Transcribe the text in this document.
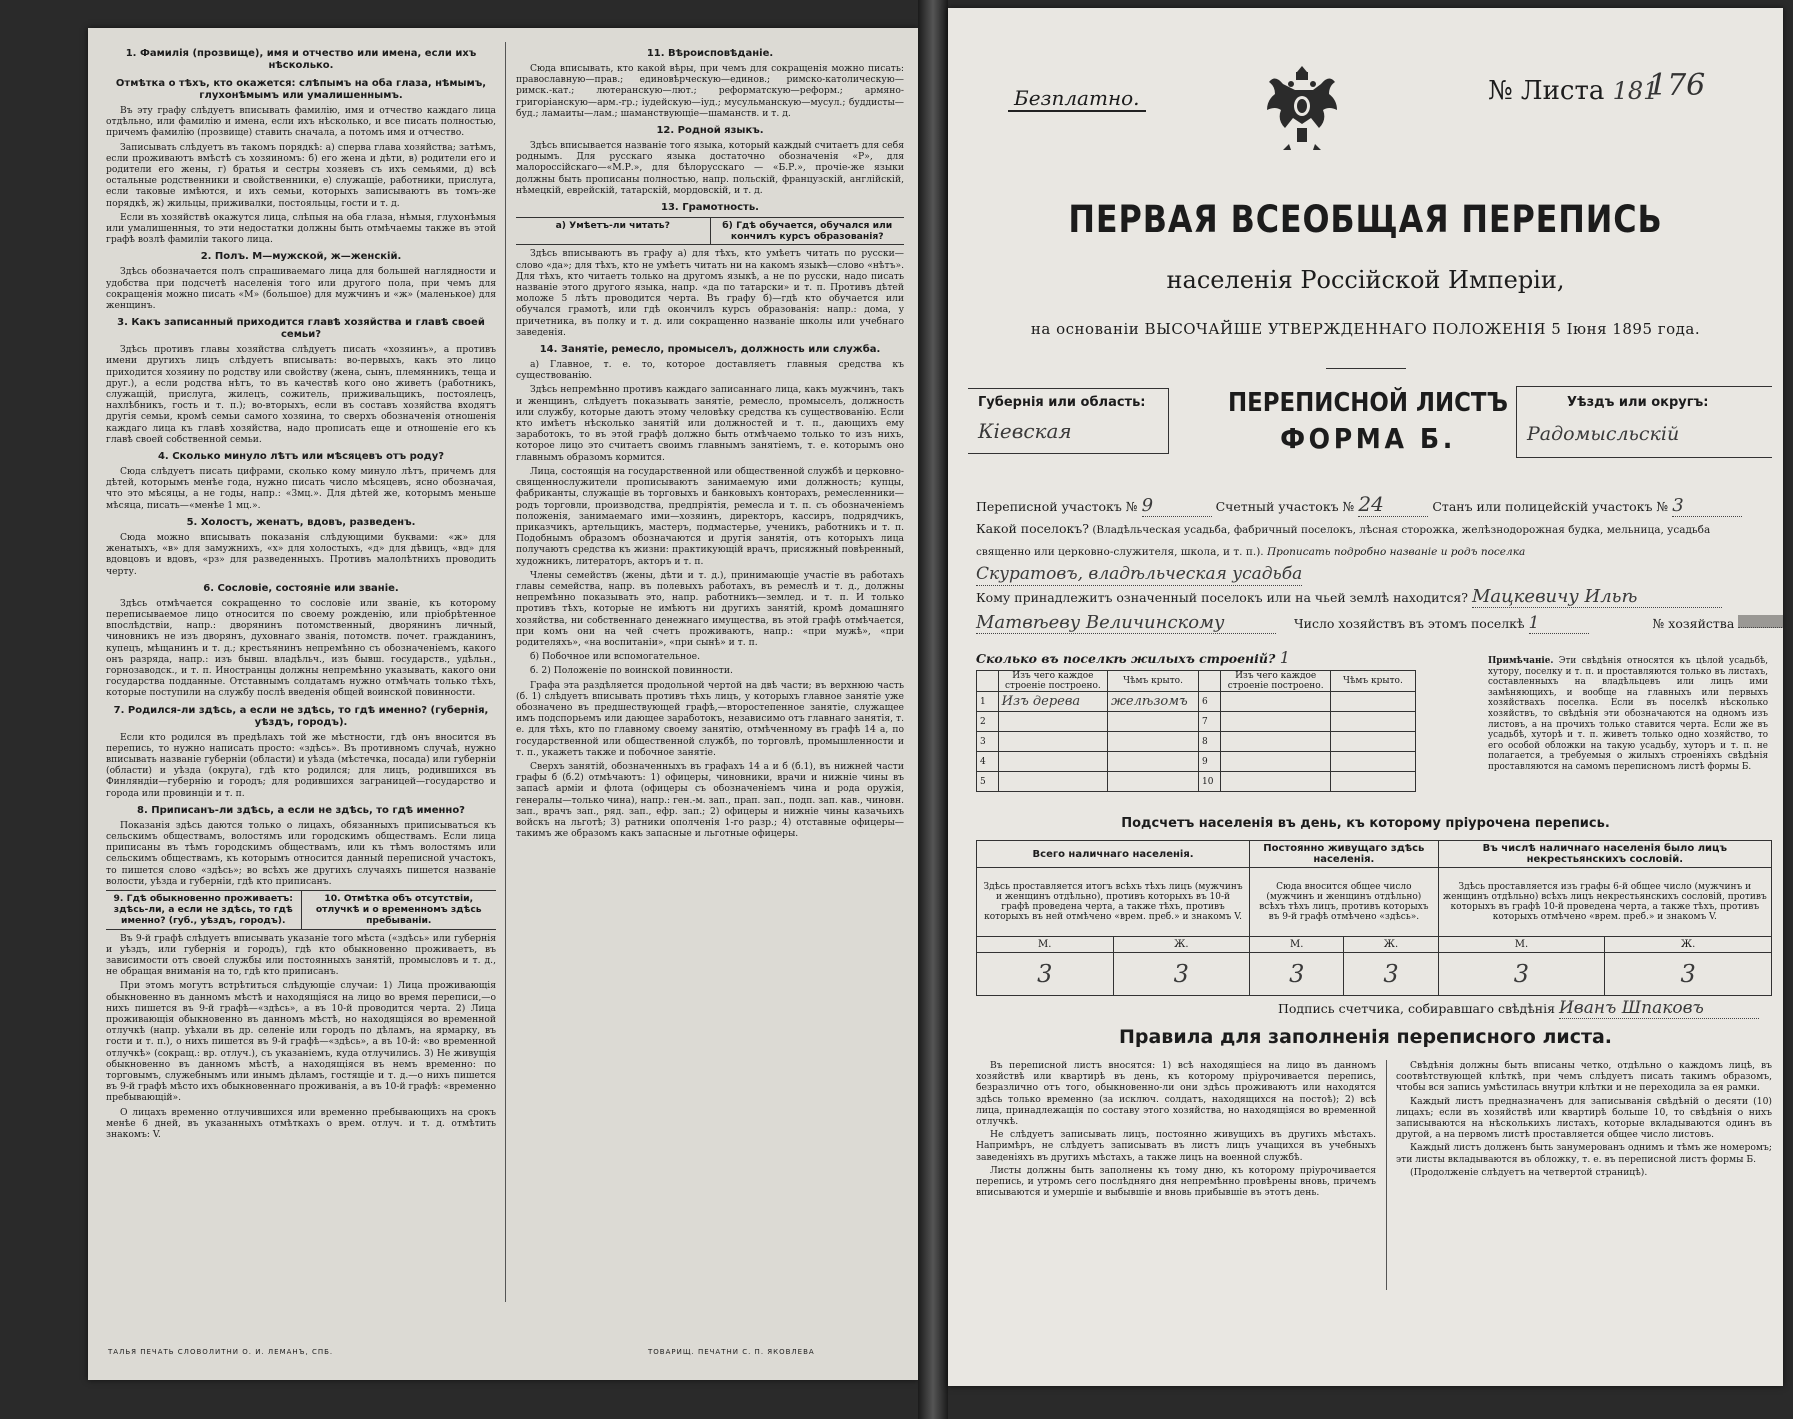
1. Фамилія (прозвище), имя и отчество или имена, если ихъ нѣсколько.
Отмѣтка о тѣхъ, кто окажется: слѣпымъ на оба глаза, нѣмымъ, глухонѣмымъ или умалишеннымъ.

Въ эту графу слѣдуетъ вписывать фамилію, имя и отчество каждаго лица отдѣльно, или фамилію и имена, если ихъ нѣсколько, и все писать полностью, причемъ фамилію (прозвище) ставить сначала, а потомъ имя и отчество.

Записывать слѣдуетъ въ такомъ порядкѣ: а) сперва глава хозяйства; затѣмъ, если проживаютъ вмѣстѣ съ хозяиномъ: б) его жена и дѣти, в) родители его и родители его жены, г) братья и сестры хозяевъ съ ихъ семьями, д) всѣ остальные родственники и свойственники, е) служащіе, работники, прислуга, если таковые имѣются, и ихъ семьи, которыхъ записываютъ въ томъ-же порядкѣ, ж) жильцы, приживалки, постояльцы, гости и т. д.

Если въ хозяйствѣ окажутся лица, слѣпыя на оба глаза, нѣмыя, глухонѣмыя или умалишенныя, то эти недостатки должны быть отмѣчаемы также въ этой графѣ возлѣ фамиліи такого лица.

2. Полъ. М—мужской, ж—женскій.

Здѣсь обозначается полъ спрашиваемаго лица для большей наглядности и удобства при подсчетѣ населенія того или другого пола, при чемъ для сокращенія можно писать «М» (большое) для мужчинъ и «ж» (маленькое) для женщинъ.

3. Какъ записанный приходится главѣ хозяйства и главѣ своей семьи?

Здѣсь противъ главы хозяйства слѣдуетъ писать «хозяинъ», а противъ имени другихъ лицъ слѣдуетъ вписывать: во-первыхъ, какъ это лицо приходится хозяину по родству или свойству (жена, сынъ, племянникъ, теща и друг.), а если родства нѣтъ, то въ качествѣ кого оно живетъ (работникъ, служащій, прислуга, жилецъ, сожитель, приживальщикъ, постоялецъ, нахлѣбникъ, гость и т. п.); во-вторыхъ, если въ составъ хозяйства входятъ другія семьи, кромѣ семьи самого хозяина, то сверхъ обозначенія отношенія каждаго лица къ главѣ хозяйства, надо прописать еще и отношеніе его къ главѣ своей собственной семьи.

4. Сколько минуло лѣтъ или мѣсяцевъ отъ роду?

Сюда слѣдуетъ писать цифрами, сколько кому минуло лѣтъ, причемъ для дѣтей, которымъ менѣе года, нужно писать число мѣсяцевъ, ясно обозначая, что это мѣсяцы, а не годы, напр.: «3мц.». Для дѣтей же, которымъ меньше мѣсяца, писать—«менѣе 1 мц.».

5. Холостъ, женатъ, вдовъ, разведенъ.

Сюда можно вписывать показанія слѣдующими буквами: «ж» для женатыхъ, «в» для замужнихъ, «х» для холостыхъ, «д» для дѣвицъ, «вд» для вдовцовъ и вдовъ, «рз» для разведенныхъ. Противъ малолѣтнихъ проводить черту.

6. Сословіе, состояніе или званіе.

Здѣсь отмѣчается сокращенно то сословіе или званіе, къ которому переписываемое лицо относится по своему рожденію, или пріобрѣтенное впослѣдствіи, напр.: дворянинъ потомственный, дворянинъ личный, чиновникъ не изъ дворянъ, духовнаго званія, потомств. почет. гражданинъ, купецъ, мѣщанинъ и т. д.; крестьянинъ непремѣнно съ обозначеніемъ, какого онъ разряда, напр.: изъ бывш. владѣльч., изъ бывш. государств., удѣльн., горнозаводск., и т. п. Иностранцы должны непремѣнно указывать, какого они государства подданные. Отставнымъ солдатамъ нужно отмѣчать только тѣхъ, которые поступили на службу послѣ введенія общей воинской повинности.

7. Родился-ли здѣсь, а если не здѣсь, то гдѣ именно? (губернія, уѣздъ, городъ).

Если кто родился въ предѣлахъ той же мѣстности, гдѣ онъ вносится въ перепись, то нужно написать просто: «здѣсь». Въ противномъ случаѣ, нужно вписывать названіе губерніи (области) и уѣзда (мѣстечка, посада) или губерніи (области) и уѣзда (округа), гдѣ кто родился; для лицъ, родившихся въ Финляндіи—губернію и городъ; для родившихся заграницей—государство и города или провинціи и т. п.

8. Приписанъ-ли здѣсь, а если не здѣсь, то гдѣ именно?

Показанія здѣсь даются только о лицахъ, обязанныхъ приписываться къ сельскимъ обществамъ, волостямъ или городскимъ обществамъ. Если лица приписаны въ тѣмъ городскимъ обществамъ, или къ тѣмъ волостямъ или сельскимъ обществамъ, къ которымъ относится данный переписной участокъ, то пишется слово «здѣсь»; во всѣхъ же другихъ случаяхъ пишется названіе волости, уѣзда и губерніи, гдѣ кто приписанъ.

9. Гдѣ обыкновенно проживаетъ: здѣсь-ли, а если не здѣсь, то гдѣ именно? (губ., уѣздъ, городъ).
10. Отмѣтка объ отсутствіи, отлучкѣ и о временномъ здѣсь пребываніи.

Въ 9-й графѣ слѣдуетъ вписывать указаніе того мѣста («здѣсь» или губернія и уѣздъ, или губернія и городъ), гдѣ кто обыкновенно проживаетъ, въ зависимости отъ своей службы или постоянныхъ занятій, промысловъ и т. д., не обращая вниманія на то, гдѣ кто приписанъ.

При этомъ могутъ встрѣтиться слѣдующіе случаи: 1) Лица проживающія обыкновенно въ данномъ мѣстѣ и находящіяся на лицо во время переписи,—о нихъ пишется въ 9-й графѣ—«здѣсь», а въ 10-й проводится черта. 2) Лица проживающія обыкновенно въ данномъ мѣстѣ, но находящіяся во временной отлучкѣ (напр. уѣхали въ др. селеніе или городъ по дѣламъ, на ярмарку, въ гости и т. п.), о нихъ пишется въ 9-й графѣ—«здѣсь», а въ 10-й: «во временной отлучкѣ» (сокращ.: вр. отлуч.), съ указаніемъ, куда отлучились. 3) Не живущія обыкновенно въ данномъ мѣстѣ, а находящіяся въ немъ временно: по торговымъ, служебнымъ или инымъ дѣламъ, гостящіе и т. д.—о нихъ пишется въ 9-й графѣ мѣсто ихъ обыкновеннаго проживанія, а въ 10-й графѣ: «временно пребывающій».

О лицахъ временно отлучившихся или временно пребывающихъ на срокъ менѣе 6 дней, въ указанныхъ отмѣткахъ о врем. отлуч. и т. д. отмѣтить знакомъ: V.

11. Вѣроисповѣданіе.

Сюда вписывать, кто какой вѣры, при чемъ для сокращенія можно писать: православную—прав.; единовѣрческую—единов.; римско-католическую—римск.-кат.; лютеранскую—лют.; реформатскую—реформ.; армяно-григоріанскую—арм.-гр.; іудейскую—іуд.; мусульманскую—мусул.; буддисты—буд.; ламаиты—лам.; шаманствующіе—шаманств. и т. д.

12. Родной языкъ.

Здѣсь вписывается названіе того языка, который каждый считаетъ для себя роднымъ. Для русскаго языка достаточно обозначенія «Р», для малороссійскаго—«М.Р.», для бѣлорусскаго — «Б.Р.», прочіе-же языки должны быть прописаны полностью, напр. польскій, французскій, англійскій, нѣмецкій, еврейскій, татарскій, мордовскій, и т. д.

13. Грамотность.
а) Умѣетъ-ли читать?	б) Гдѣ обучается, обучался или кончилъ курсъ образованія?

Здѣсь вписываютъ въ графу а) для тѣхъ, кто умѣетъ читать по русски—слово «да»; для тѣхъ, кто не умѣетъ читать ни на какомъ языкѣ—слово «нѣтъ». Для тѣхъ, кто читаетъ только на другомъ языкѣ, а не по русски, надо писать названіе этого другого языка, напр. «да по татарски» и т. п. Противъ дѣтей моложе 5 лѣтъ проводится черта. Въ графу б)—гдѣ кто обучается или обучался грамотѣ, или гдѣ окончилъ курсъ образованія: напр.: дома, у причетника, въ полку и т. д. или сокращенно названіе школы или учебнаго заведенія.

14. Занятіе, ремесло, промыселъ, должность или служба.

а) Главное, т. е. то, которое доставляетъ главныя средства къ существованію.

Здѣсь непремѣнно противъ каждаго записаннаго лица, какъ мужчинъ, такъ и женщинъ, слѣдуетъ показывать занятіе, ремесло, промыселъ, должность или службу, которые даютъ этому человѣку средства къ существованію. Если кто имѣетъ нѣсколько занятій или должностей и т. п., дающихъ ему заработокъ, то въ этой графѣ должно быть отмѣчаемо только то изъ нихъ, которое лицо это считаетъ своимъ главнымъ занятіемъ, т. е. которымъ оно главнымъ образомъ кормится.

Лица, состоящія на государственной или общественной службѣ и церковно-священнослужители прописываютъ занимаемую ими должность; купцы, фабриканты, служащіе въ торговыхъ и банковыхъ конторахъ, ремесленники—родъ торговли, производства, предпріятія, ремесла и т. п. съ обозначеніемъ положенія, занимаемаго ими—хозяинъ, директоръ, кассиръ, подрядчикъ, приказчикъ, артельщикъ, мастеръ, подмастерье, ученикъ, работникъ и т. п. Подобнымъ образомъ обозначаются и другія занятія, отъ которыхъ лица получаютъ средства къ жизни: практикующій врачъ, присяжный повѣренный, художникъ, литераторъ, акторъ и т. п.

Члены семействъ (жены, дѣти и т. д.), принимающіе участіе въ работахъ главы семейства, напр. въ полевыхъ работахъ, въ ремеслѣ и т. д., должны непремѣнно показывать это, напр. работникъ—землед. и т. п. И только противъ тѣхъ, которые не имѣютъ ни другихъ занятій, кромѣ домашняго хозяйства, ни собственнаго денежнаго имущества, въ этой графѣ отмѣчается, при комъ они на чей счетъ проживаютъ, напр.: «при мужѣ», «при родителяхъ», «на воспитаніи», «при сынѣ» и т. п.

б) Побочное или вспомогательное.

б. 2) Положеніе по воинской повинности.

Графа эта раздѣляется продольной чертой на двѣ части; въ верхнюю часть (б. 1) слѣдуетъ вписывать противъ тѣхъ лицъ, у которыхъ главное занятіе уже обозначено въ предшествующей графѣ,—второстепенное занятіе, служащее имъ подспорьемъ или дающее заработокъ, независимо отъ главнаго занятія, т. е. для тѣхъ, кто по главному своему занятію, отмѣченному въ графѣ 14 а, по государственной или общественной службѣ, по торговлѣ, промышленности и т. п., укажетъ также и побочное занятіе.

Сверхъ занятій, обозначенныхъ въ графахъ 14 а и б (б.1), въ нижней части графы б (б.2) отмѣчаютъ: 1) офицеры, чиновники, врачи и нижніе чины въ запасѣ арміи и флота (офицеры съ обозначеніемъ чина и рода оружія, генералы—только чина), напр.: ген.-м. зап., прап. зап., подп. зап. кав., чиновн. зап., врачъ зап., ряд. зап., ефр. зап.; 2) офицеры и нижніе чины казачьихъ войскъ на льготѣ; 3) ратники ополченія 1-го разр.; 4) отставные офицеры—такимъ же образомъ какъ запасные и льготные офицеры.

ТАЛЬЯ ПЕЧАТЬ СЛОВОЛИТНИ О. И. ЛЕМАНЪ, СПБ.	ТОВАРИЩ. ПЕЧАТНИ С. П. ЯКОВЛЕВА
Безплатно.	№ Листа 181
176
ПЕРВАЯ ВСЕОБЩАЯ ПЕРЕПИСЬ
населенія Россійской Имперіи,
на основаніи ВЫСОЧАЙШЕ УТВЕРЖДЕННАГО ПОЛОЖЕНІЯ 5 Іюня 1895 года.
Губернія или область:
Кіевская
ПЕРЕПИСНОЙ ЛИСТЪ
ФОРМА Б.
Уѣздъ или округъ:
Радомысльскій
Переписной участокъ № 9	Счетный участокъ № 24	Станъ или полицейскій участокъ № 3
Какой поселокъ? (Владѣльческая усадьба, фабричный поселокъ, лѣсная сторожка, желѣзнодорожная будка, мельница, усадьба священно или церковно-служителя, школа, и т. п.). Прописать подробно названіе и родъ поселка Скуратовъ, владѣльческая усадьба
Кому принадлежитъ означенный поселокъ или на чьей землѣ находится? Мацкевичу Ильѣ
Матвѣеву Величинскому	Число хозяйствъ въ этомъ поселкѣ 1	№ хозяйства
Сколько въ поселкѣ жилыхъ строеній? 1
	Изъ чего каждое строеніе построено.	Чѣмъ крыто.		Изъ чего каждое строеніе построено.	Чѣмъ крыто.
1	Изъ дерева	желѣзомъ	6		
2			7		
3			8		
4			9		
5			10		
Примѣчаніе. Эти свѣдѣнія относятся къ цѣлой усадьбѣ, хутору, поселку и т. п. и проставляются только въ листахъ, составленныхъ на владѣльцевъ или лицъ ими замѣняющихъ, и вообще на главныхъ или первыхъ хозяйствахъ поселка. Если въ поселкѣ нѣсколько хозяйствъ, то свѣдѣнія эти обозначаются на одномъ изъ листовъ, а на прочихъ только ставится черта. Если же въ усадьбѣ, хуторѣ и т. п. живетъ только одно хозяйство, то его особой обложки на такую усадьбу, хуторъ и т. п. не полагается, а требуемыя о жилыхъ строеніяхъ свѣдѣнія проставляются на самомъ переписномъ листѣ формы Б.
Подсчетъ населенія въ день, къ которому пріурочена перепись.
Всего наличнаго населенія.		Постоянно живущаго здѣсь населенія.		Въ числѣ наличнаго населенія было лицъ некрестьянскихъ сословій.	
Здѣсь проставляется итогъ всѣхъ тѣхъ лицъ (мужчинъ и женщинъ отдѣльно), противъ которыхъ въ 10-й графѣ проведена черта, а также тѣхъ, противъ которыхъ въ ней отмѣчено «врем. преб.» и знакомъ V.		Сюда вносится общее число (мужчинъ и женщинъ отдѣльно) всѣхъ тѣхъ лицъ, противъ которыхъ въ 9-й графѣ отмѣчено «здѣсь».		Здѣсь проставляется изъ графы 6-й общее число (мужчинъ и женщинъ отдѣльно) всѣхъ лицъ некрестьянскихъ сословій, противъ которыхъ въ графѣ 10-й проведена черта, а также тѣхъ, противъ которыхъ отмѣчено «врем. преб.» и знакомъ V.	
М.	Ж.	М.	Ж.	М.	Ж.
3	3	3	3	3	3
Подпись счетчика, собиравшаго свѣдѣнія Иванъ Шпаковъ
Правила для заполненія переписного листа.

Въ переписной листъ вносятся: 1) всѣ находящіеся на лицо въ данномъ хозяйствѣ или квартирѣ въ день, къ которому пріурочивается перепись, безразлично отъ того, обыкновенно-ли они здѣсь проживаютъ или находятся здѣсь только временно (за исключ. солдатъ, находящихся на постоѣ); 2) всѣ лица, принадлежащія по составу этого хозяйства, но находящіяся во временной отлучкѣ.

Не слѣдуетъ записывать лицъ, постоянно живущихъ въ другихъ мѣстахъ. Напримѣръ, не слѣдуетъ записывать въ листъ лицъ учащихся въ учебныхъ заведеніяхъ въ другихъ мѣстахъ, а также лицъ на военной службѣ.

Листы должны быть заполнены къ тому дню, къ которому пріурочивается перепись, и утромъ сего послѣдняго дня непремѣнно провѣрены вновь, причемъ вписываются и умершіе и выбывшіе и вновь прибывшіе въ этотъ день.

Свѣдѣнія должны быть вписаны четко, отдѣльно о каждомъ лицѣ, въ соотвѣтствующей клѣткѣ, при чемъ слѣдуетъ писать такимъ образомъ, чтобы вся запись умѣстилась внутри клѣтки и не переходила за ея рамки.

Каждый листъ предназначенъ для записыванія свѣдѣній о десяти (10) лицахъ; если въ хозяйствѣ или квартирѣ больше 10, то свѣдѣнія о нихъ записываются на нѣсколькихъ листахъ, которые вкладываются одинъ въ другой, а на первомъ листѣ проставляется общее число листовъ.

Каждый листъ долженъ быть занумерованъ однимъ и тѣмъ же номеромъ; эти листы вкладываются въ обложку, т. е. въ переписной листъ формы Б.

(Продолженіе слѣдуетъ на четвертой страницѣ).
